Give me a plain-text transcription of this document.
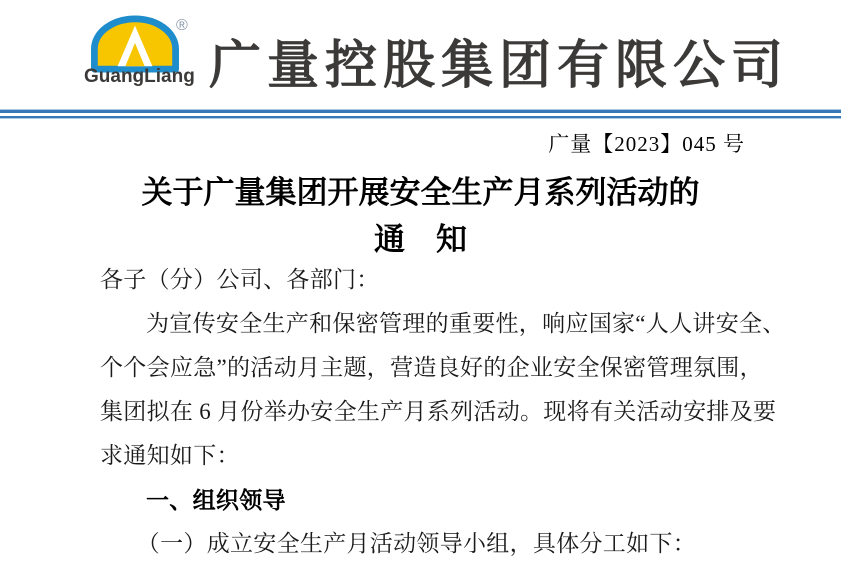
®
GuangLiang 广量控股集团有限公司
广量【2023】045 号
关于广量集团开展安全生产月系列活动的
通　知
各子（分）公司、各部门：
为宣传安全生产和保密管理的重要性，响应国家“人人讲安全、
个个会应急”的活动月主题，营造良好的企业安全保密管理氛围，
集团拟在 6 月份举办安全生产月系列活动。现将有关活动安排及要
求通知如下：
一、组织领导
（一）成立安全生产月活动领导小组，具体分工如下：
